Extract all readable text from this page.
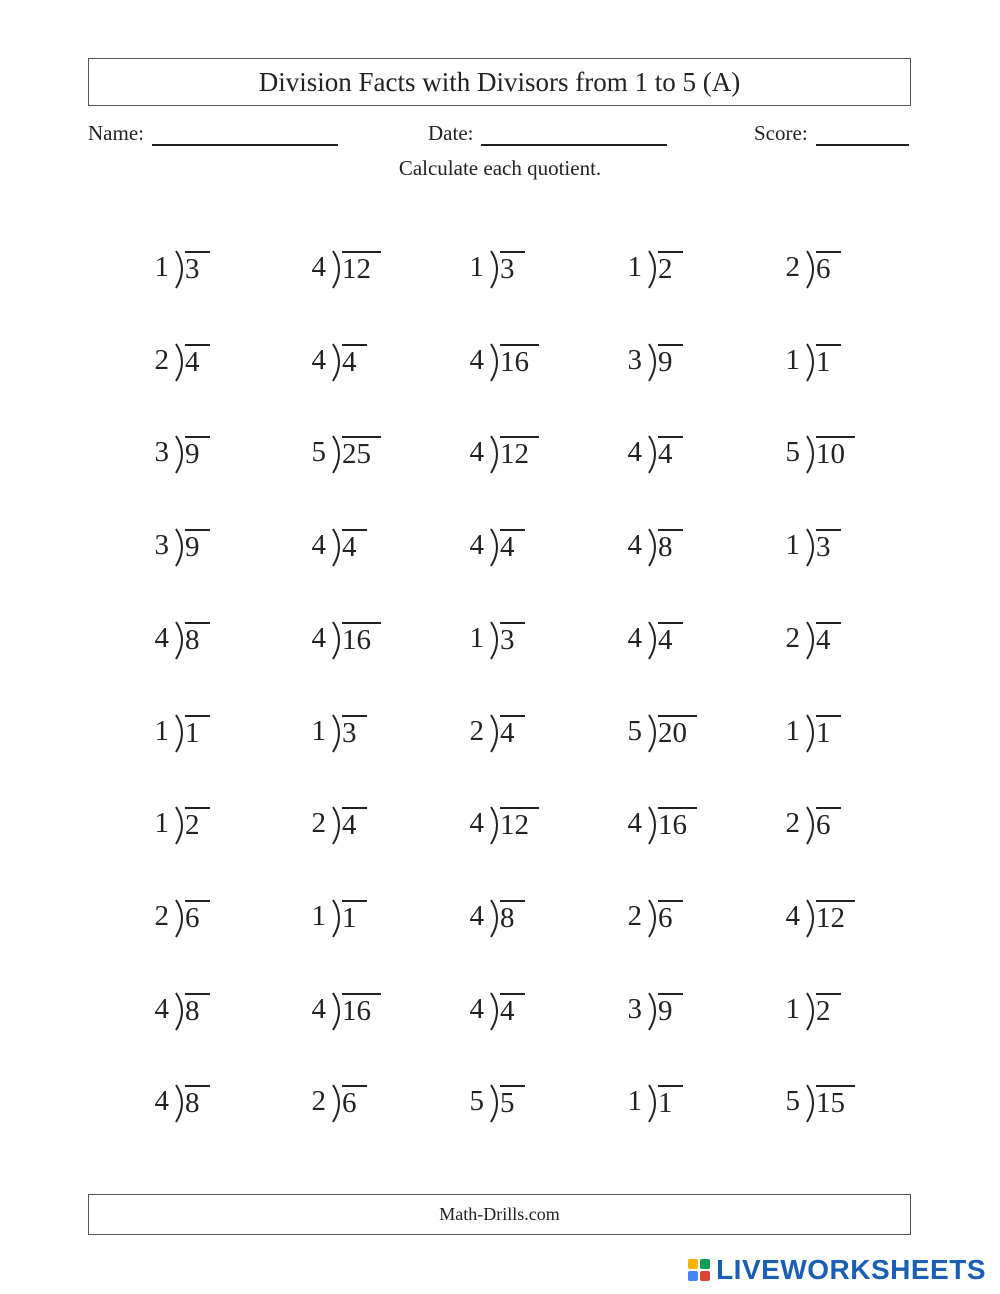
Division Facts with Divisors from 1 to 5 (A)
Name:	Date:	Score:
Calculate each quotient.
1 3	4 12	1 3	1 2	2 6
2 4	4 4	4 16	3 9	1 1
3 9	5 25	4 12	4 4	5 10
3 9	4 4	4 4	4 8	1 3
4 8	4 16	1 3	4 4	2 4
1 1	1 3	2 4	5 20	1 1
1 2	2 4	4 12	4 16	2 6
2 6	1 1	4 8	2 6	4 12
4 8	4 16	4 4	3 9	1 2
4 8	2 6	5 5	1 1	5 15
Math-Drills.com
LIVEWORKSHEETS
